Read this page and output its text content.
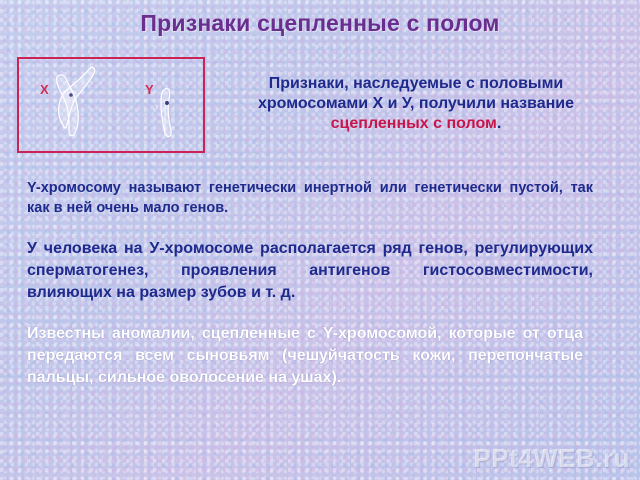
Признаки сцепленные с полом
X	Y
Y
Признаки, наследуемые с половыми хромосомами Х и У, получили название сцепленных с полом.
Y-хромосому называют генетически инертной или генетически пустой, так как в ней очень мало генов.
У человека на У-хромосоме располагается ряд генов, регулирующих сперматогенез, проявления антигенов гистосовместимости, влияющих на размер зубов и т. д.
Известны аномалии, сцепленные с Y-хромосомой, которые от отца передаются всем сыновьям (чешуйчатость кожи, перепончатые пальцы, сильное оволосение на ушах).
PPt4WEB.ru
